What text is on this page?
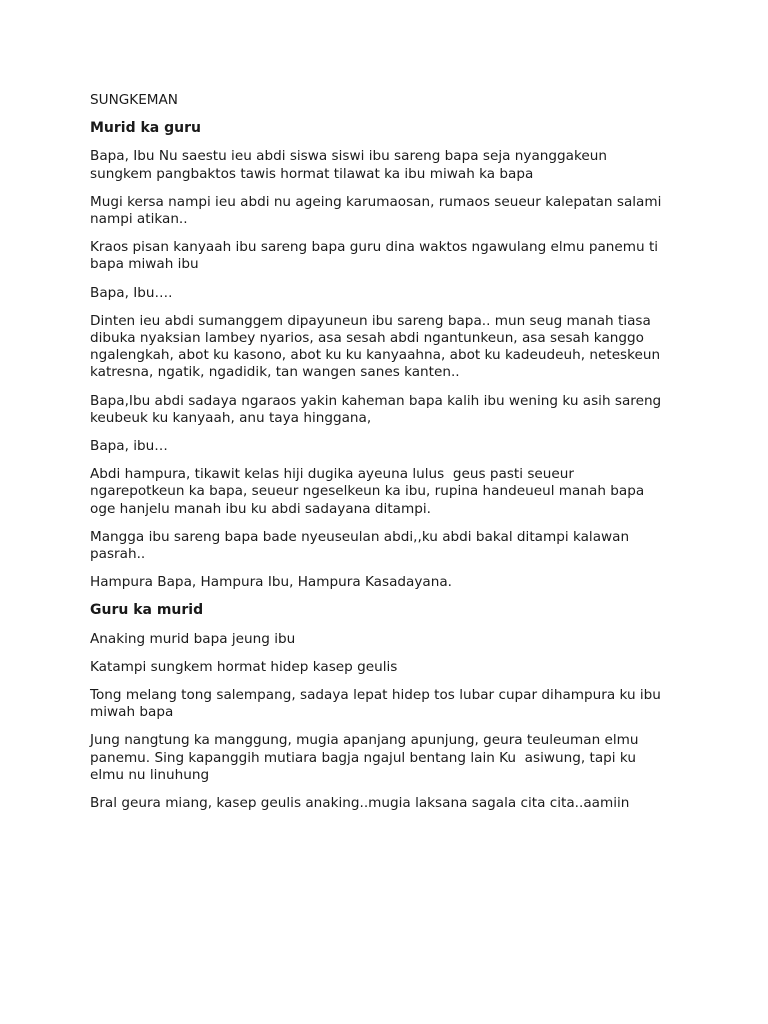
SUNGKEMAN
Murid ka guru

Bapa, Ibu Nu saestu ieu abdi siswa siswi ibu sareng bapa seja nyanggakeun
sungkem pangbaktos tawis hormat tilawat ka ibu miwah ka bapa

Mugi kersa nampi ieu abdi nu ageing karumaosan, rumaos seueur kalepatan salami
nampi atikan..

Kraos pisan kanyaah ibu sareng bapa guru dina waktos ngawulang elmu panemu ti
bapa miwah ibu

Bapa, Ibu….

Dinten ieu abdi sumanggem dipayuneun ibu sareng bapa.. mun seug manah tiasa
dibuka nyaksian lambey nyarios, asa sesah abdi ngantunkeun, asa sesah kanggo
ngalengkah, abot ku kasono, abot ku ku kanyaahna, abot ku kadeudeuh, neteskeun
katresna, ngatik, ngadidik, tan wangen sanes kanten..

Bapa,Ibu abdi sadaya ngaraos yakin kaheman bapa kalih ibu wening ku asih sareng
keubeuk ku kanyaah, anu taya hinggana,

Bapa, ibu…

Abdi hampura, tikawit kelas hiji dugika ayeuna lulus  geus pasti seueur
ngarepotkeun ka bapa, seueur ngeselkeun ka ibu, rupina handeueul manah bapa
oge hanjelu manah ibu ku abdi sadayana ditampi.

Mangga ibu sareng bapa bade nyeuseulan abdi,,ku abdi bakal ditampi kalawan
pasrah..

Hampura Bapa, Hampura Ibu, Hampura Kasadayana.

Guru ka murid

Anaking murid bapa jeung ibu

Katampi sungkem hormat hidep kasep geulis

Tong melang tong salempang, sadaya lepat hidep tos lubar cupar dihampura ku ibu
miwah bapa

Jung nangtung ka manggung, mugia apanjang apunjung, geura teuleuman elmu
panemu. Sing kapanggih mutiara bagja ngajul bentang lain Ku  asiwung, tapi ku
elmu nu linuhung

Bral geura miang, kasep geulis anaking..mugia laksana sagala cita cita..aamiin
